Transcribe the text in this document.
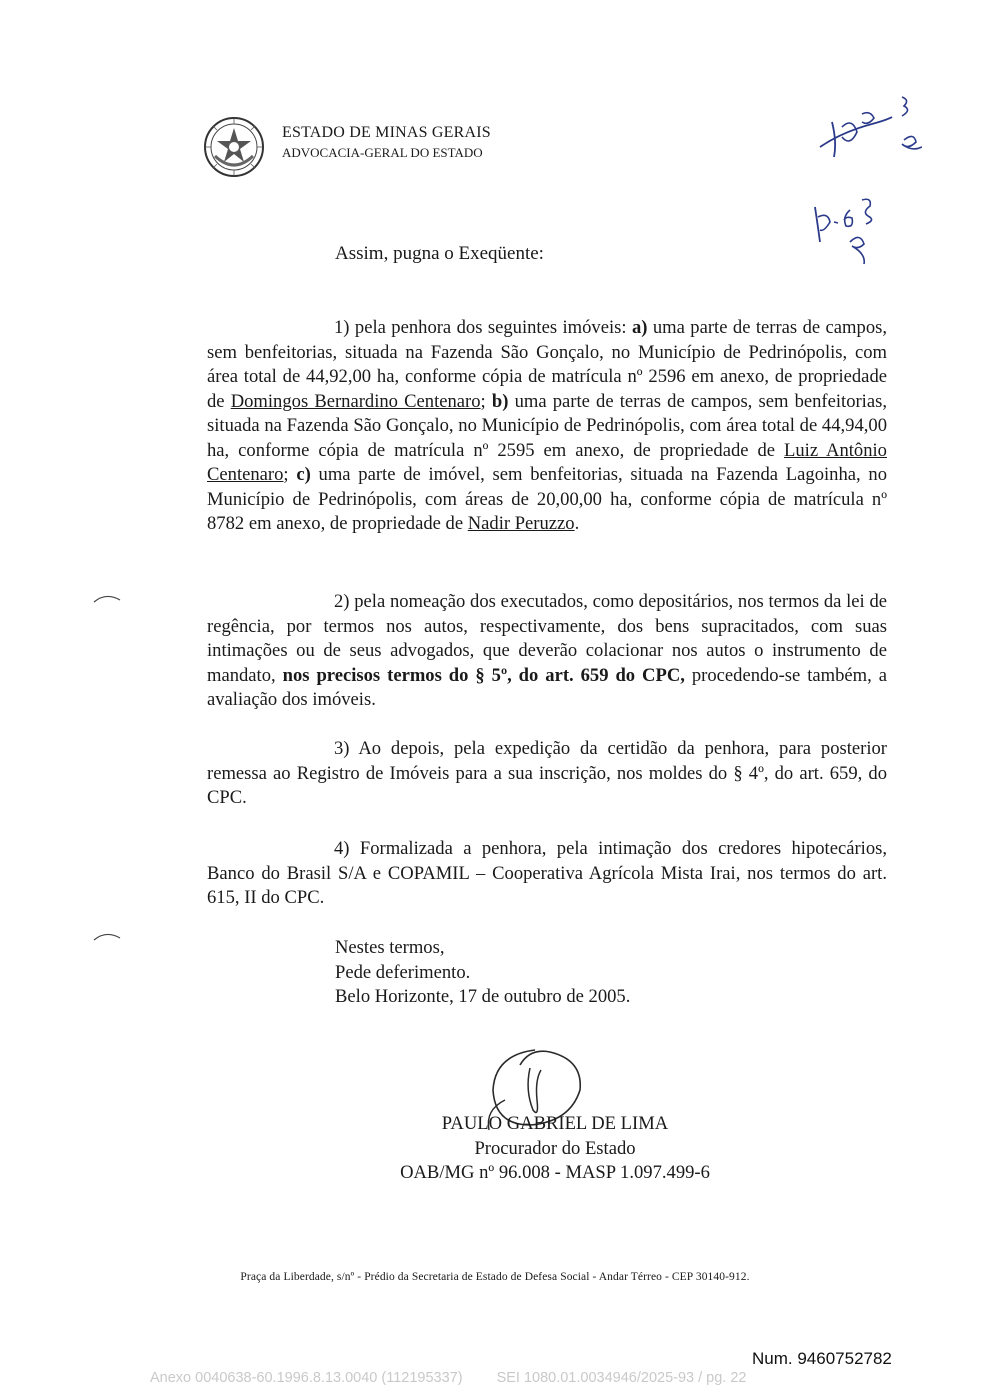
ESTADO DE MINAS GERAIS
ADVOCACIA-GERAL DO ESTADO
Assim, pugna o Exeqüente:
1) pela penhora dos seguintes imóveis: a) uma parte de terras de campos, sem benfeitorias, situada na Fazenda São Gonçalo, no Município de Pedrinópolis, com área total de 44,92,00 ha, conforme cópia de matrícula nº 2596 em anexo, de propriedade de Domingos Bernardino Centenaro; b) uma parte de terras de campos, sem benfeitorias, situada na Fazenda São Gonçalo, no Município de Pedrinópolis, com área total de 44,94,00 ha, conforme cópia de matrícula nº 2595 em anexo, de propriedade de Luiz Antônio Centenaro; c) uma parte de imóvel, sem benfeitorias, situada na Fazenda Lagoinha, no Município de Pedrinópolis, com áreas de 20,00,00 ha, conforme cópia de matrícula nº 8782 em anexo, de propriedade de Nadir Peruzzo.
2) pela nomeação dos executados, como depositários, nos termos da lei de regência, por termos nos autos, respectivamente, dos bens supracitados, com suas intimações ou de seus advogados, que deverão colacionar nos autos o instrumento de mandato, nos precisos termos do § 5º, do art. 659 do CPC, procedendo-se também, a avaliação dos imóveis.
3) Ao depois, pela expedição da certidão da penhora, para posterior remessa ao Registro de Imóveis para a sua inscrição, nos moldes do § 4º, do art. 659, do CPC.
4) Formalizada a penhora, pela intimação dos credores hipotecários, Banco do Brasil S/A e COPAMIL – Cooperativa Agrícola Mista Irai, nos termos do art. 615, II do CPC.
Nestes termos,
Pede deferimento.
Belo Horizonte, 17 de outubro de 2005.
PAULO GABRIEL DE LIMA
Procurador do Estado
OAB/MG nº 96.008 - MASP 1.097.499-6
Praça da Liberdade, s/nº - Prédio da Secretaria de Estado de Defesa Social - Andar Térreo - CEP 30140-912.
Num. 9460752782
Anexo 0040638-60.1996.8.13.0040 (112195337) SEI 1080.01.0034946/2025-93 / pg. 22
